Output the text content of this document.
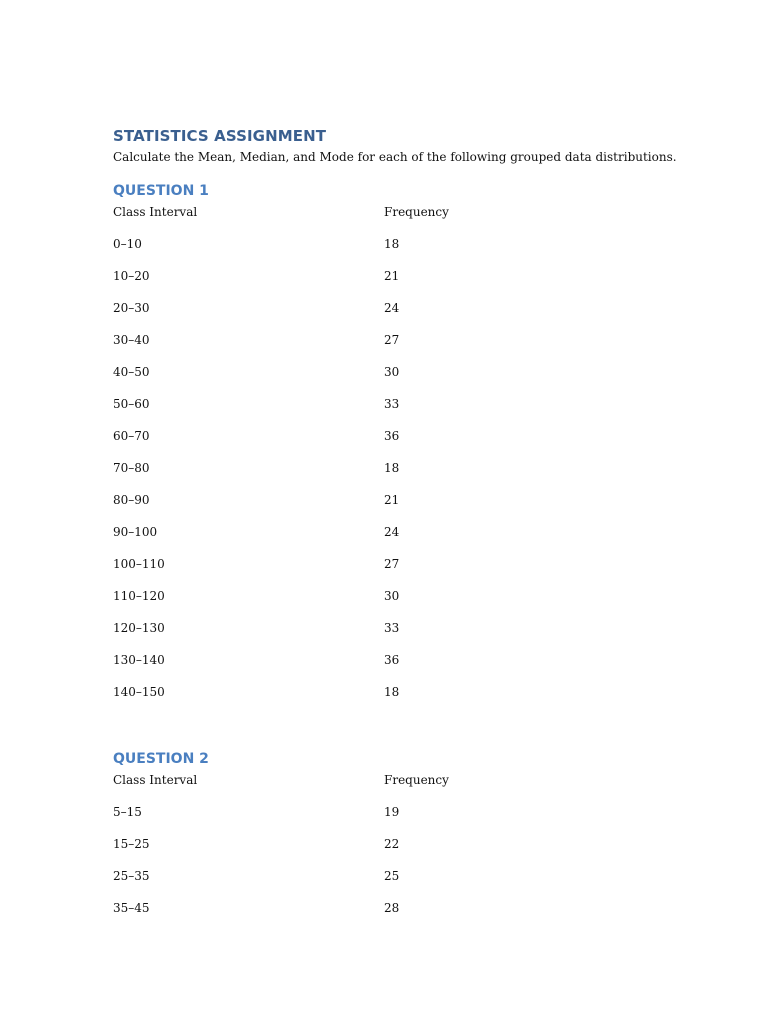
STATISTICS ASSIGNMENT
Calculate the Mean, Median, and Mode for each of the following grouped data distributions.
QUESTION 1
Class Interval	Frequency
0–10	18
10–20	21
20–30	24
30–40	27
40–50	30
50–60	33
60–70	36
70–80	18
80–90	21
90–100	24
100–110	27
110–120	30
120–130	33
130–140	36
140–150	18
QUESTION 2
Class Interval	Frequency
5–15	19
15–25	22
25–35	25
35–45	28
